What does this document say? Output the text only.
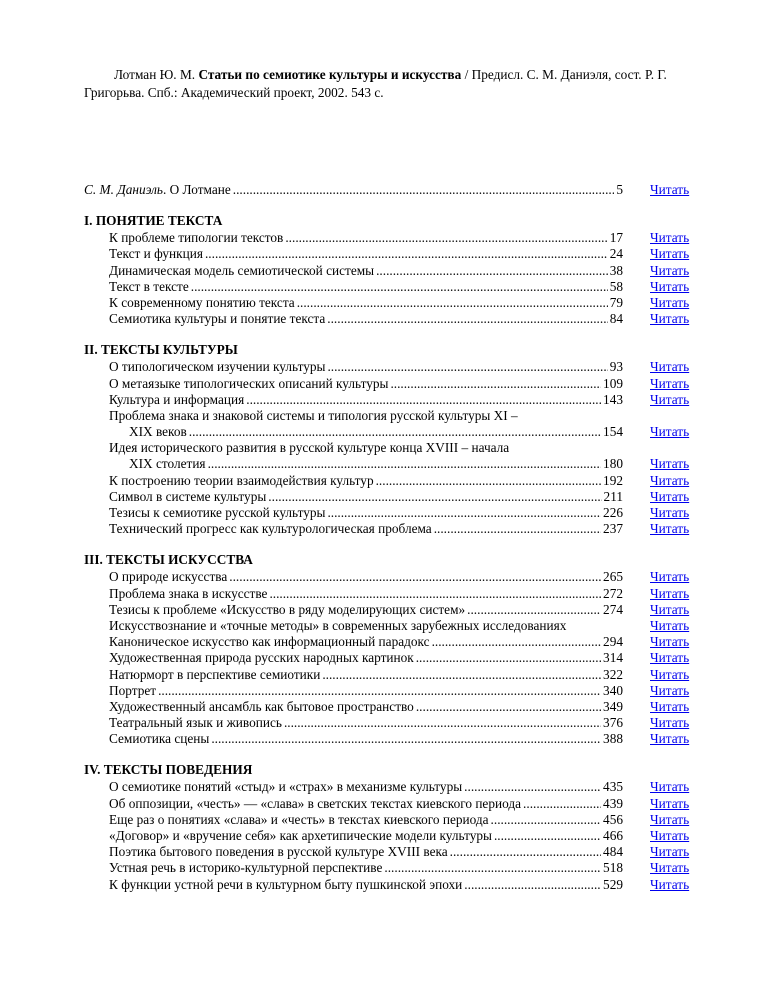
Лотман Ю. М. Статьи по семиотике культуры и искусства / Предисл. С. М. Даниэля, сост. Р. Г. Григорьва. Спб.: Академический проект, 2002. 543 с.
С. М. Даниэль. О Лотмане .....	5 Читать
I. ПОНЯТИЕ ТЕКСТА
К проблеме типологии текстов .....	17 Читать
Текст и функция .....	24 Читать
Динамическая модель семиотической системы .....	38 Читать
Текст в тексте .....	58 Читать
К современному понятию текста .....	79 Читать
Семиотика культуры и понятие текста .....	84 Читать
II. ТЕКСТЫ КУЛЬТУРЫ
О типологическом изучении культуры .....	93 Читать
О метаязыке типологических описаний культуры .....	109 Читать
Культура и информация .....	143 Читать
Проблема знака и знаковой системы и типология русской культуры XI –
XIX веков .....	154 Читать
Идея исторического развития в русской культуре конца XVIII – начала
XIX столетия .....	180 Читать
К построению теории взаимодействия культур .....	192 Читать
Символ в системе культуры .....	211 Читать
Тезисы к семиотике русской культуры .....	226 Читать
Технический прогресс как культурологическая проблема .....	237 Читать
III. ТЕКСТЫ ИСКУССТВА
О природе искусства .....	265 Читать
Проблема знака в искусстве .....	272 Читать
Тезисы к проблеме «Искусство в ряду моделирующих систем» .....	274 Читать
Искусствознание и «точные методы» в современных зарубежных исследованиях	Читать
Каноническое искусство как информационный парадокс .....	294 Читать
Художественная природа русских народных картинок .....	314 Читать
Натюрморт в перспективе семиотики .....	322 Читать
Портрет .....	340 Читать
Художественный ансамбль как бытовое пространство .....	349 Читать
Театральный язык и живопись .....	376 Читать
Семиотика сцены .....	388 Читать
IV. ТЕКСТЫ ПОВЕДЕНИЯ
О семиотике понятий «стыд» и «страх» в механизме культуры .....	435 Читать
Об оппозиции, «честь» — «слава» в светских текстах киевского периода .....	439 Читать
Еще раз о понятиях «слава» и «честь» в текстах киевского периода .....	456 Читать
«Договор» и «вручение себя» как архетипические модели культуры .....	466 Читать
Поэтика бытового поведения в русской культуре XVIII века .....	484 Читать
Устная речь в историко-культурной перспективе .....	518 Читать
К функции устной речи в культурном быту пушкинской эпохи .....	529 Читать
